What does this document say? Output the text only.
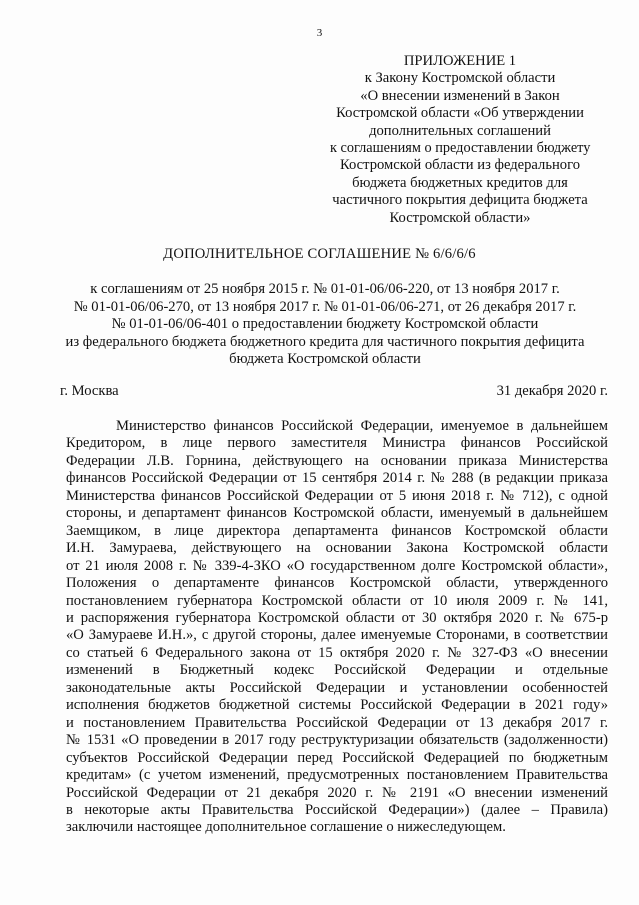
3
ПРИЛОЖЕНИЕ 1
к Закону Костромской области
«О внесении изменений в Закон
Костромской области «Об утверждении
дополнительных соглашений
к соглашениям о предоставлении бюджету
Костромской области из федерального
бюджета бюджетных кредитов для
частичного покрытия дефицита бюджета
Костромской области»
ДОПОЛНИТЕЛЬНОЕ СОГЛАШЕНИЕ № 6/6/6/6
к соглашениям от 25 ноября 2015 г. № 01-01-06/06-220, от 13 ноября 2017 г.
№ 01-01-06/06-270, от 13 ноября 2017 г. № 01-01-06/06-271, от 26 декабря 2017 г.
№ 01-01-06/06-401 о предоставлении бюджету Костромской области
из федерального бюджета бюджетного кредита для частичного покрытия дефицита
бюджета Костромской области
г. Москва	31 декабря 2020 г.
Министерство финансов Российской Федерации, именуемое в дальнейшем
Кредитором, в лице первого заместителя Министра финансов Российской
Федерации Л.В. Горнина, действующего на основании приказа Министерства
финансов Российской Федерации от 15 сентября 2014 г. № 288 (в редакции приказа
Министерства финансов Российской Федерации от 5 июня 2018 г. № 712), с одной
стороны, и департамент финансов Костромской области, именуемый в дальнейшем
Заемщиком, в лице директора департамента финансов Костромской области
И.Н. Замураева, действующего на основании Закона Костромской области
от 21 июля 2008 г. № 339-4-ЗКО «О государственном долге Костромской области»,
Положения о департаменте финансов Костромской области, утвержденного
постановлением губернатора Костромской области от 10 июля 2009 г. № 141,
и распоряжения губернатора Костромской области от 30 октября 2020 г. № 675-р
«О Замураеве И.Н.», с другой стороны, далее именуемые Сторонами, в соответствии
со статьей 6 Федерального закона от 15 октября 2020 г. № 327-ФЗ «О внесении
изменений в Бюджетный кодекс Российской Федерации и отдельные
законодательные акты Российской Федерации и установлении особенностей
исполнения бюджетов бюджетной системы Российской Федерации в 2021 году»
и постановлением Правительства Российской Федерации от 13 декабря 2017 г.
№ 1531 «О проведении в 2017 году реструктуризации обязательств (задолженности)
субъектов Российской Федерации перед Российской Федерацией по бюджетным
кредитам» (с учетом изменений, предусмотренных постановлением Правительства
Российской Федерации от 21 декабря 2020 г. № 2191 «О внесении изменений
в некоторые акты Правительства Российской Федерации») (далее – Правила)
заключили настоящее дополнительное соглашение о нижеследующем.
